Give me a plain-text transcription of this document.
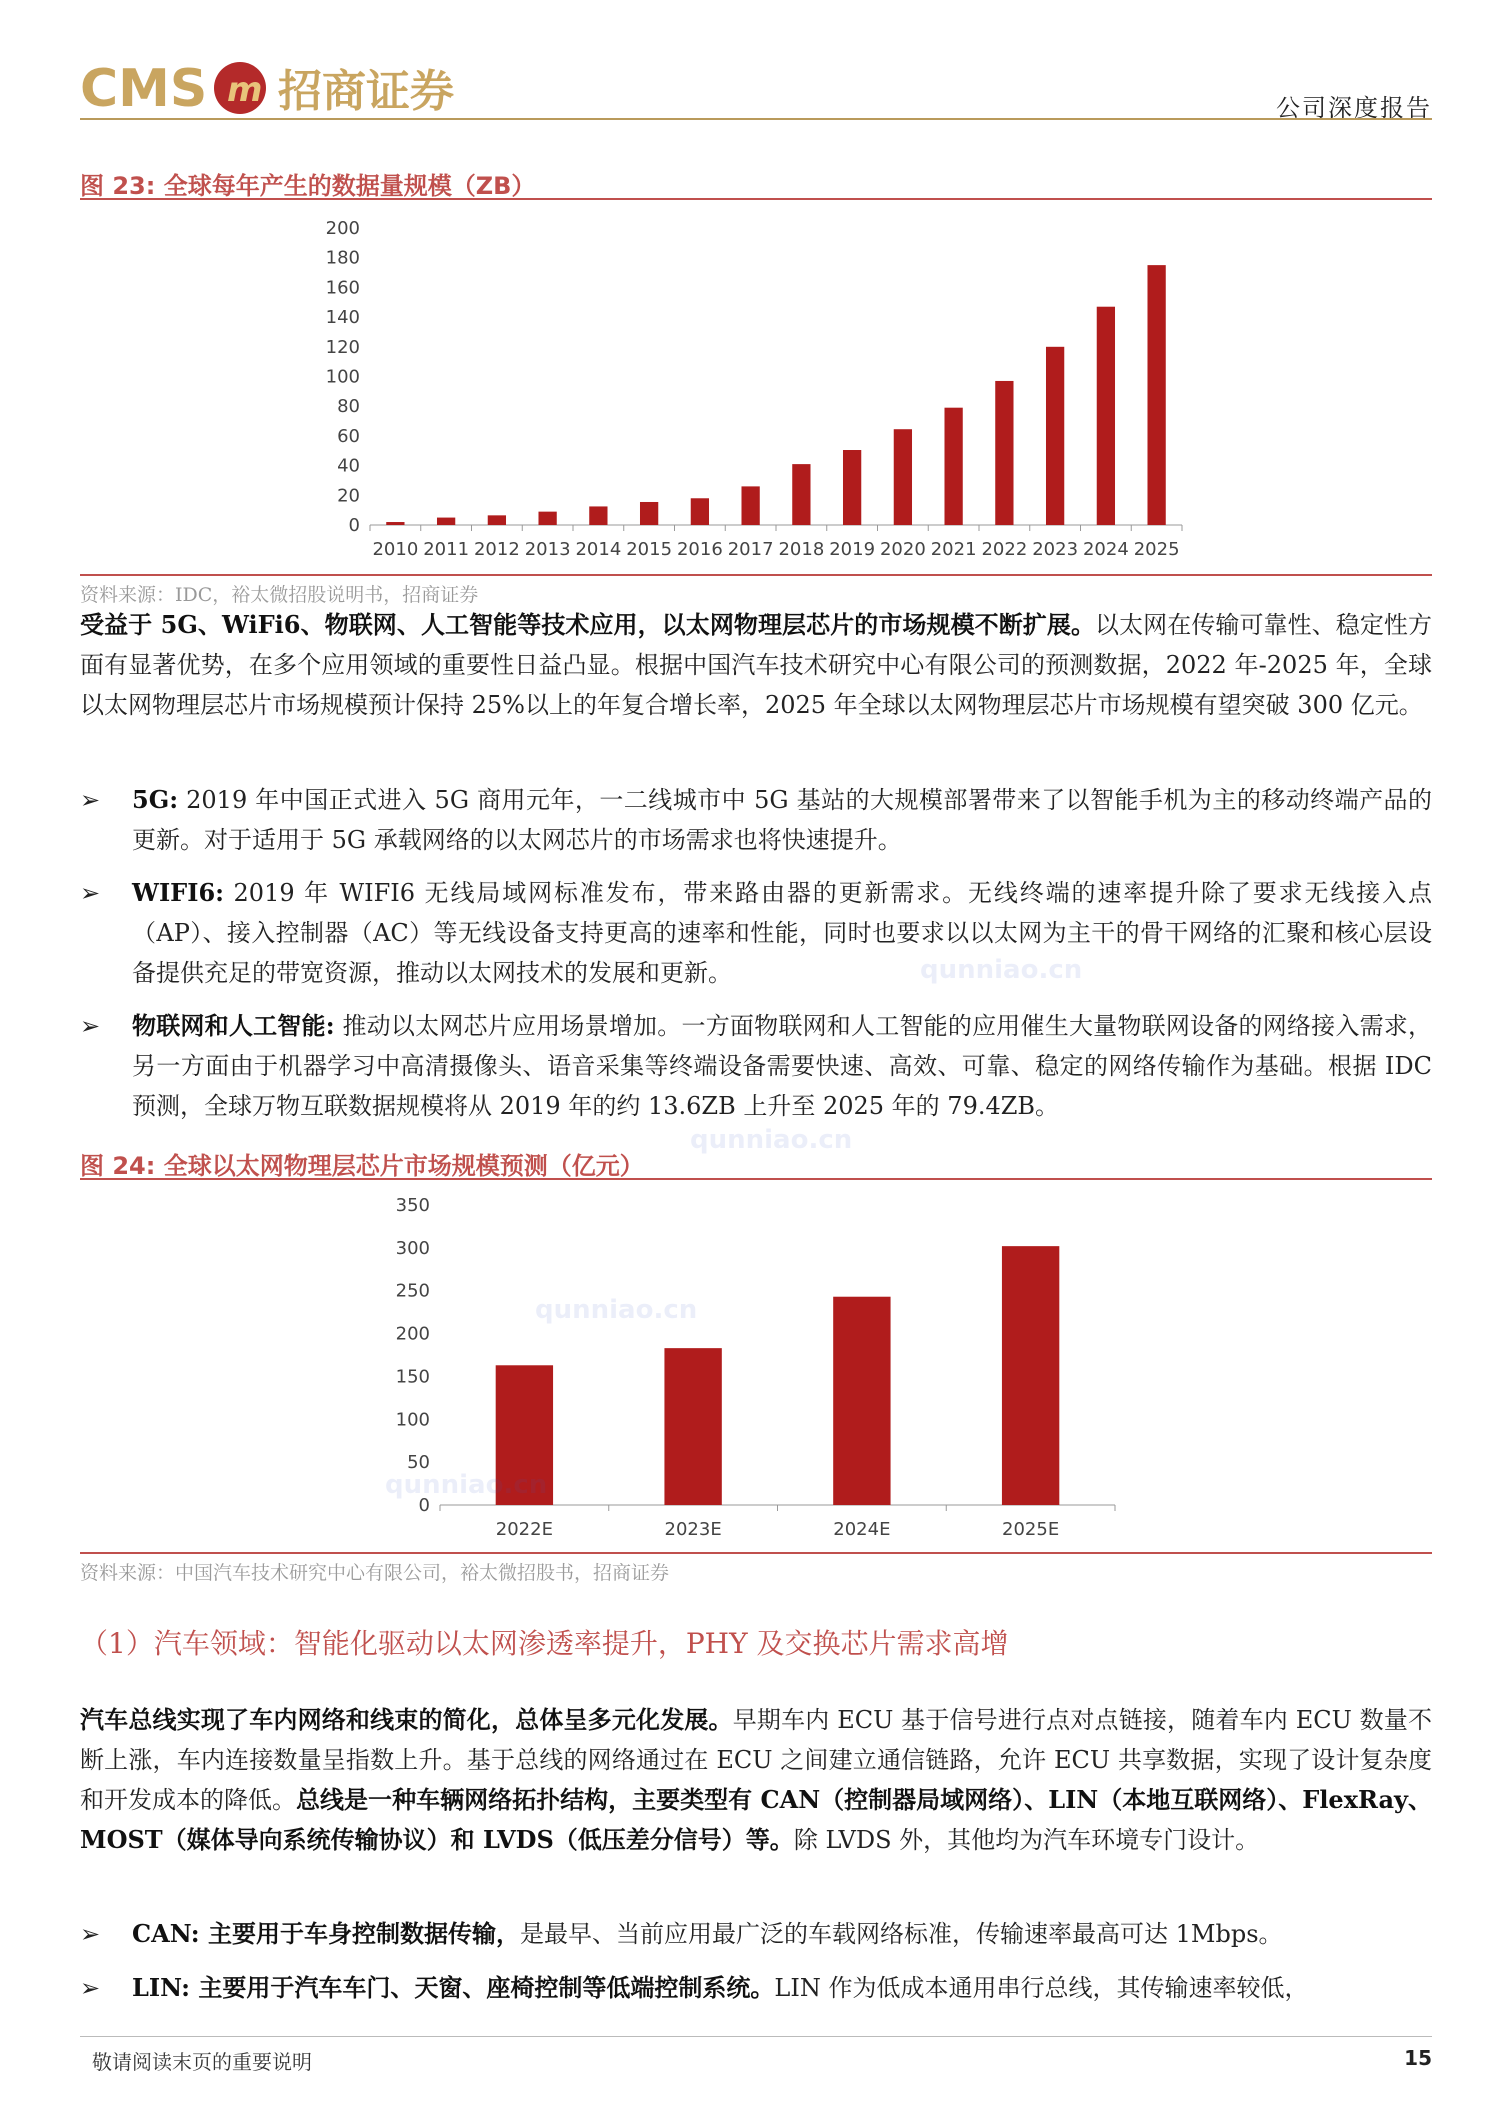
CMS m 招商证券	公司深度报告
图 23: 全球每年产生的数据量规模（ZB）
0
20
40
60
80
100
120
140
160
180
200
2010 2011 2012 2013 2014 2015 2016 2017 2018 2019 2020 2021 2022 2023 2024 2025
资料来源：IDC，裕太微招股说明书，招商证券
受益于 5G、WiFi6、物联网、人工智能等技术应用，以太网物理层芯片的市场规模不断扩展。以太网在传输可靠性、稳定性方面有显著优势，在多个应用领域的重要性日益凸显。根据中国汽车技术研究中心有限公司的预测数据，2022 年-2025 年，全球以太网物理层芯片市场规模预计保持 25%以上的年复合增长率，2025 年全球以太网物理层芯片市场规模有望突破 300 亿元。
➢	5G: 2019 年中国正式进入 5G 商用元年，一二线城市中 5G 基站的大规模部署带来了以智能手机为主的移动终端产品的更新。对于适用于 5G 承载网络的以太网芯片的市场需求也将快速提升。
➢	WIFI6: 2019 年 WIFI6 无线局域网标准发布，带来路由器的更新需求。无线终端的速率提升除了要求无线接入点（AP）、接入控制器（AC）等无线设备支持更高的速率和性能，同时也要求以以太网为主干的骨干网络的汇聚和核心层设备提供充足的带宽资源，推动以太网技术的发展和更新。
➢	物联网和人工智能: 推动以太网芯片应用场景增加。一方面物联网和人工智能的应用催生大量物联网设备的网络接入需求，另一方面由于机器学习中高清摄像头、语音采集等终端设备需要快速、高效、可靠、稳定的网络传输作为基础。根据 IDC 预测，全球万物互联数据规模将从 2019 年的约 13.6ZB 上升至 2025 年的 79.4ZB。
图 24: 全球以太网物理层芯片市场规模预测（亿元）
0
50
100
150
200
250
300
350
2022E	2023E	2024E	2025E
资料来源：中国汽车技术研究中心有限公司，裕太微招股书，招商证券
（1）汽车领域：智能化驱动以太网渗透率提升，PHY 及交换芯片需求高增
汽车总线实现了车内网络和线束的简化，总体呈多元化发展。早期车内 ECU 基于信号进行点对点链接，随着车内 ECU 数量不断上涨，车内连接数量呈指数上升。基于总线的网络通过在 ECU 之间建立通信链路，允许 ECU 共享数据，实现了设计复杂度和开发成本的降低。总线是一种车辆网络拓扑结构，主要类型有 CAN（控制器局域网络）、LIN（本地互联网络）、FlexRay、MOST（媒体导向系统传输协议）和 LVDS（低压差分信号）等。除 LVDS 外，其他均为汽车环境专门设计。
➢	CAN: 主要用于车身控制数据传输，是最早、当前应用最广泛的车载网络标准，传输速率最高可达 1Mbps。
➢	LIN: 主要用于汽车车门、天窗、座椅控制等低端控制系统。LIN 作为低成本通用串行总线，其传输速率较低，
qunniao.cn
qunniao.cn
qunniao.cn
qunniao.cn
敬请阅读末页的重要说明	15
